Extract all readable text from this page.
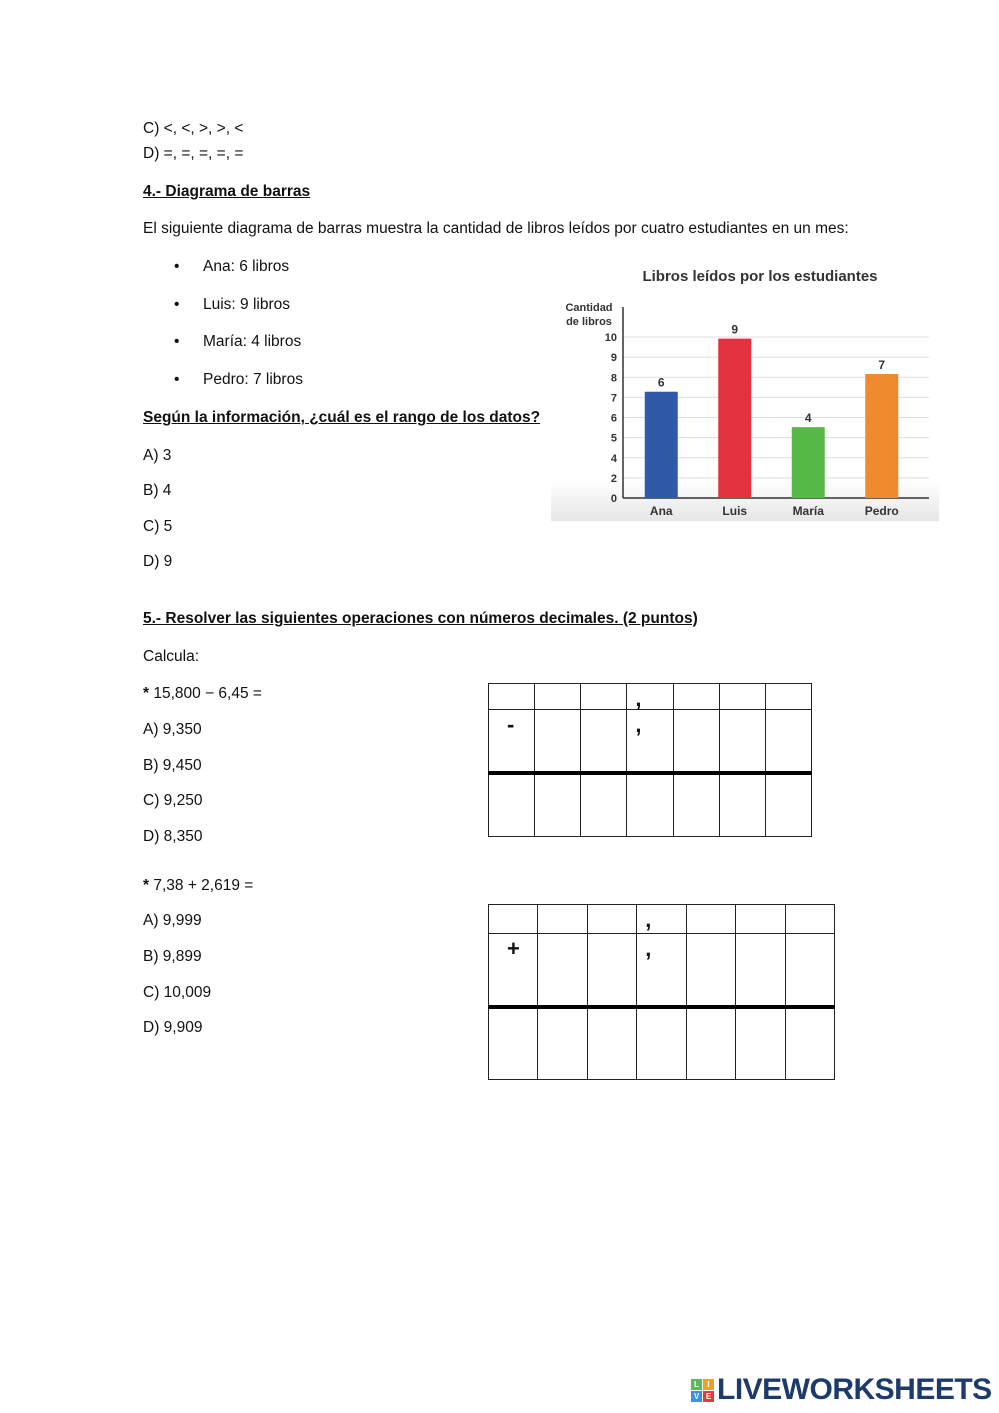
C) <, <, >, >, <
D) =, =, =, =, =
4.- Diagrama de barras
El siguiente diagrama de barras muestra la cantidad de libros leídos por cuatro estudiantes en un mes:
• Ana: 6 libros
• Luis: 9 libros
• María: 4 libros
• Pedro: 7 libros
Según la información, ¿cuál es el rango de los datos?
A) 3
B) 4
C) 5
D) 9
Libros leídos por los estudiantes
Cantidad
de libros
0
2
4
5
6
7
8
9
10
6
Ana
9
Luis
4
María
7
Pedro
5.- Resolver las siguientes operaciones con números decimales. (2 puntos)
Calcula:
* 15,800 − 6,45 =
A) 9,350
B) 9,450
C) 9,250
D) 8,350

			,			

-			,			

* 7,38 + 2,619 =
A) 9,999
B) 9,899
C) 10,009
D) 9,909

			,			

+			,			

L	I
V E LIVEWORKSHEETS
